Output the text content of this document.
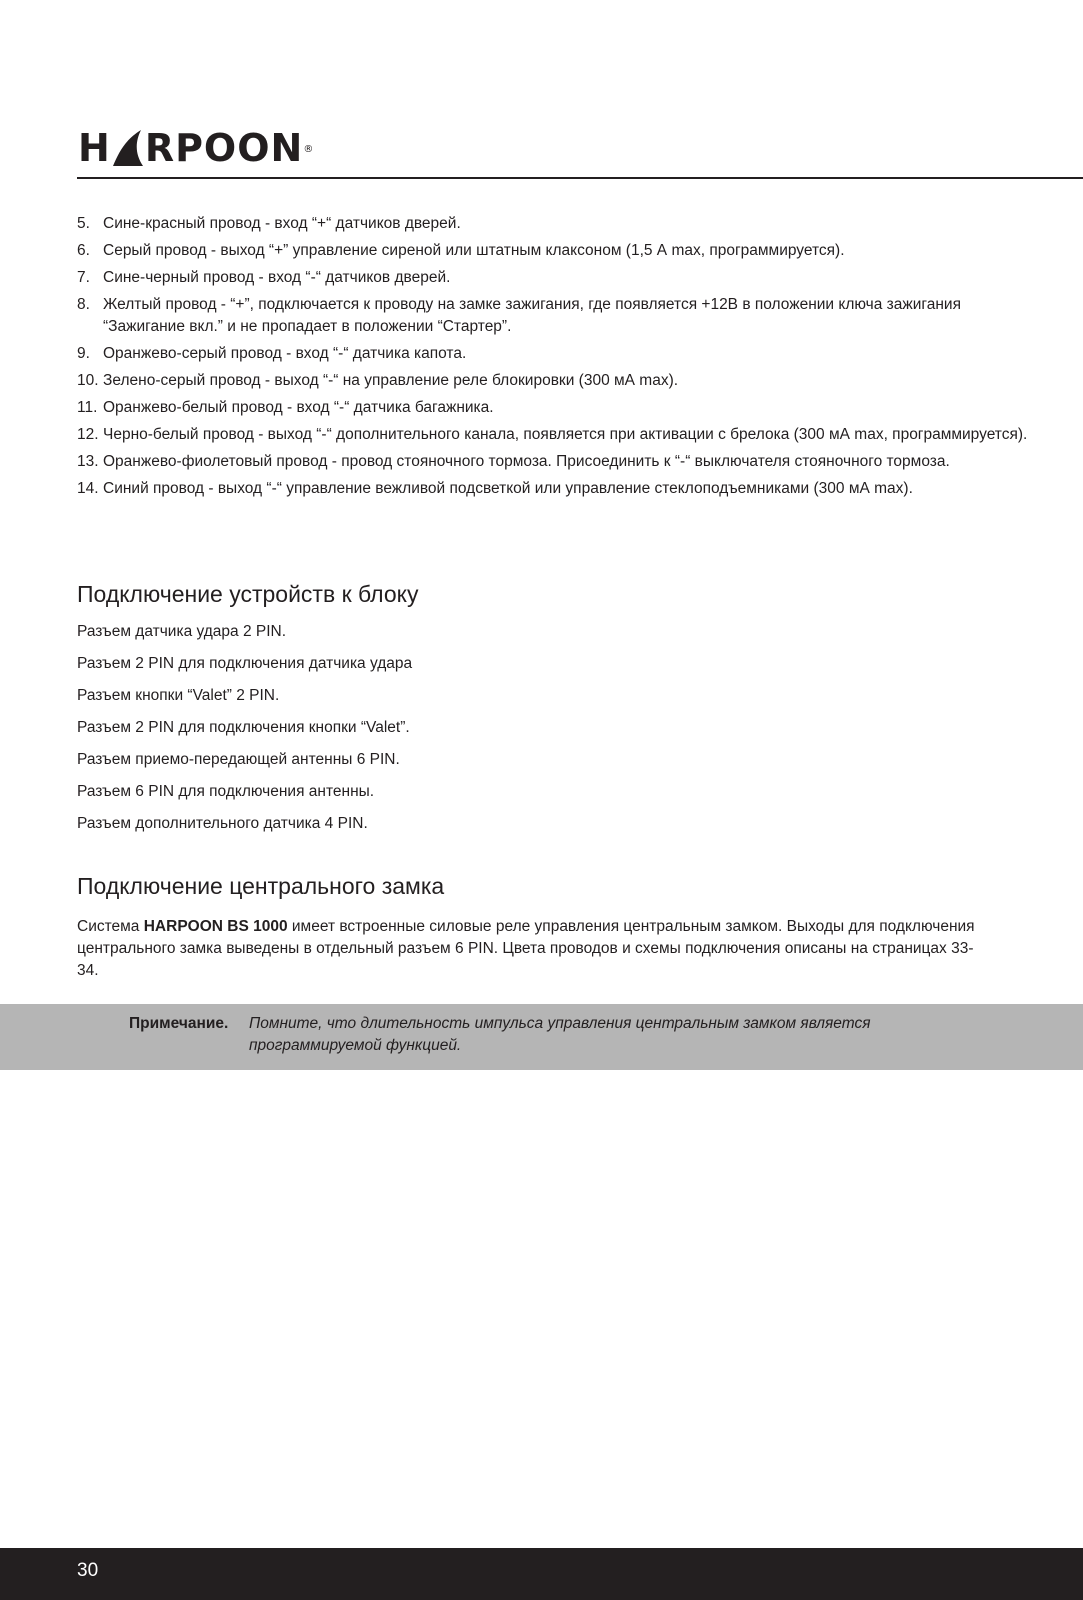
H RPOON®
5. Сине-красный провод - вход “+“ датчиков дверей.
6. Серый провод - выход “+” управление сиреной или штатным клаксоном (1,5 А max, программируется).
7. Сине-черный провод - вход “-“ датчиков дверей.
8. Желтый провод - “+”, подключается к проводу на замке зажигания, где появляется +12В в положении ключа зажигания “Зажигание вкл.” и не пропадает в положении “Стартер”.
9. Оранжево-серый провод - вход “-“ датчика капота.
10. Зелено-серый провод - выход “-“ на управление реле блокировки (300 мА max).
11. Оранжево-белый провод - вход “-“ датчика багажника.
12. Черно-белый провод - выход “-“ дополнительного канала, появляется при активации с брелока (300 мА max, программируется).
13. Оранжево-фиолетовый провод - провод стояночного тормоза. Присоединить к “-“ выключателя стояночного тормоза.
14. Синий провод - выход “-“ управление вежливой подсветкой или управление стеклоподъемниками (300 мА max).
Подключение устройств к блоку
Разъем датчика удара 2 PIN.
Разъем 2 PIN для подключения датчика удара
Разъем кнопки “Valet” 2 PIN.
Разъем 2 PIN для подключения кнопки “Valet”.
Разъем приемо-передающей антенны 6 PIN.
Разъем 6 PIN для подключения антенны.
Разъем дополнительного датчика 4 PIN.
Подключение центрального замка

Система HARPOON BS 1000 имеет встроенные силовые реле управления центральным замком. Выходы для подключения центрального замка выведены в отдельный разъем 6 PIN. Цвета проводов и схемы подключения описаны на страницах 33-34.

Примечание. Помните, что длительность импульса управления центральным замком является программируемой функцией.
30
